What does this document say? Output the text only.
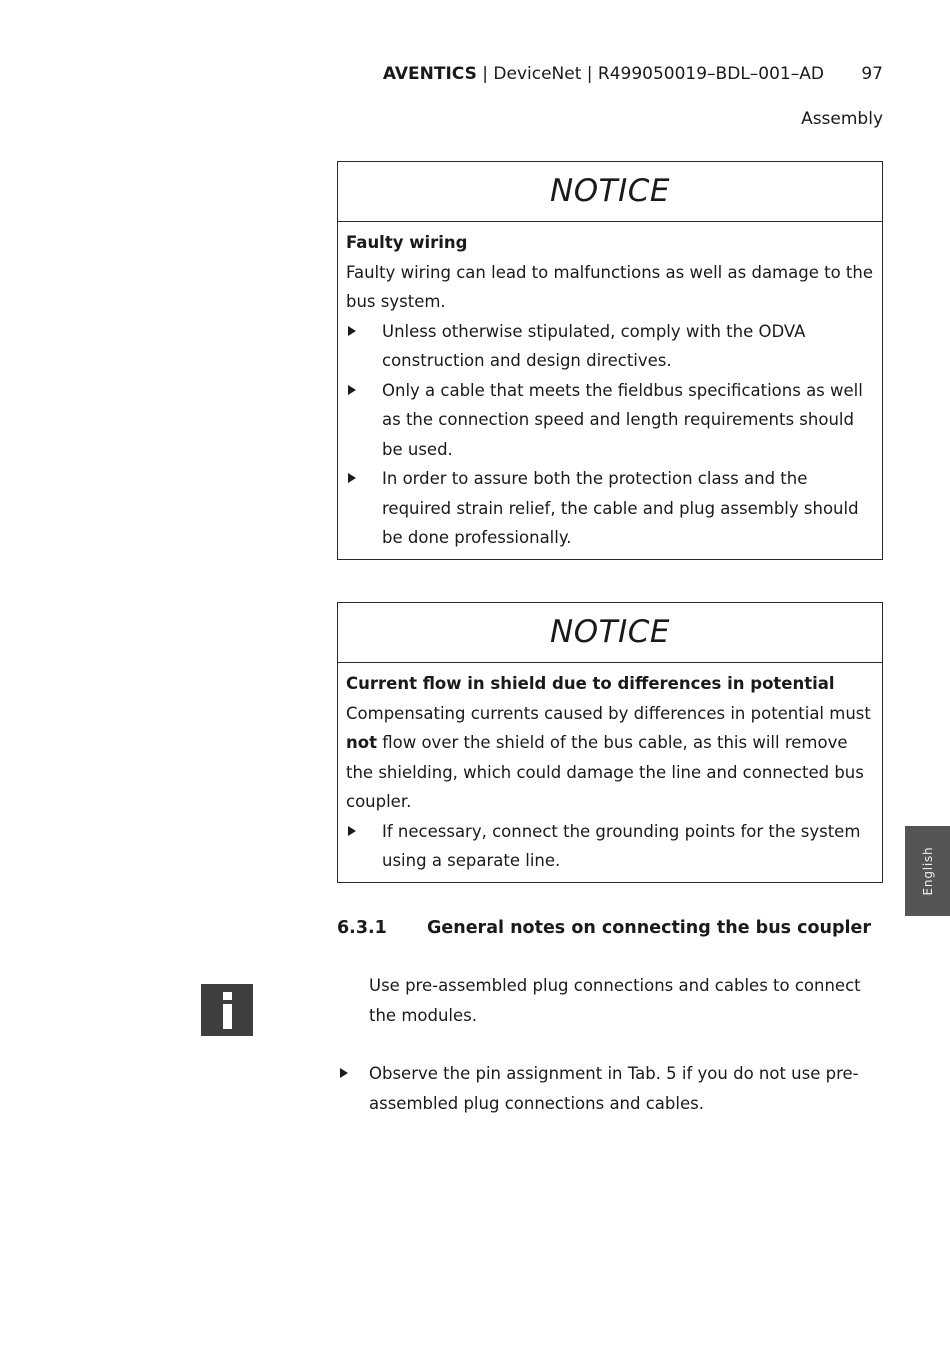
AVENTICS | DeviceNet | R499050019–BDL–001–AD 97
Assembly
NOTICE
Faulty wiring
Faulty wiring can lead to malfunctions as well as damage to the bus system.
Unless otherwise stipulated, comply with the ODVA construction and design directives.
Only a cable that meets the fieldbus specifications as well as the connection speed and length requirements should be used.
In order to assure both the protection class and the required strain relief, the cable and plug assembly should be done professionally.
NOTICE
Current flow in shield due to differences in potential
Compensating currents caused by differences in potential must not flow over the shield of the bus cable, as this will remove the shielding, which could damage the line and connected bus coupler.
If necessary, connect the grounding points for the system using a separate line.
6.3.1 General notes on connecting the bus coupler
Use pre-assembled plug connections and cables to connect the modules.
Observe the pin assignment in Tab. 5 if you do not use pre-assembled plug connections and cables.
English
